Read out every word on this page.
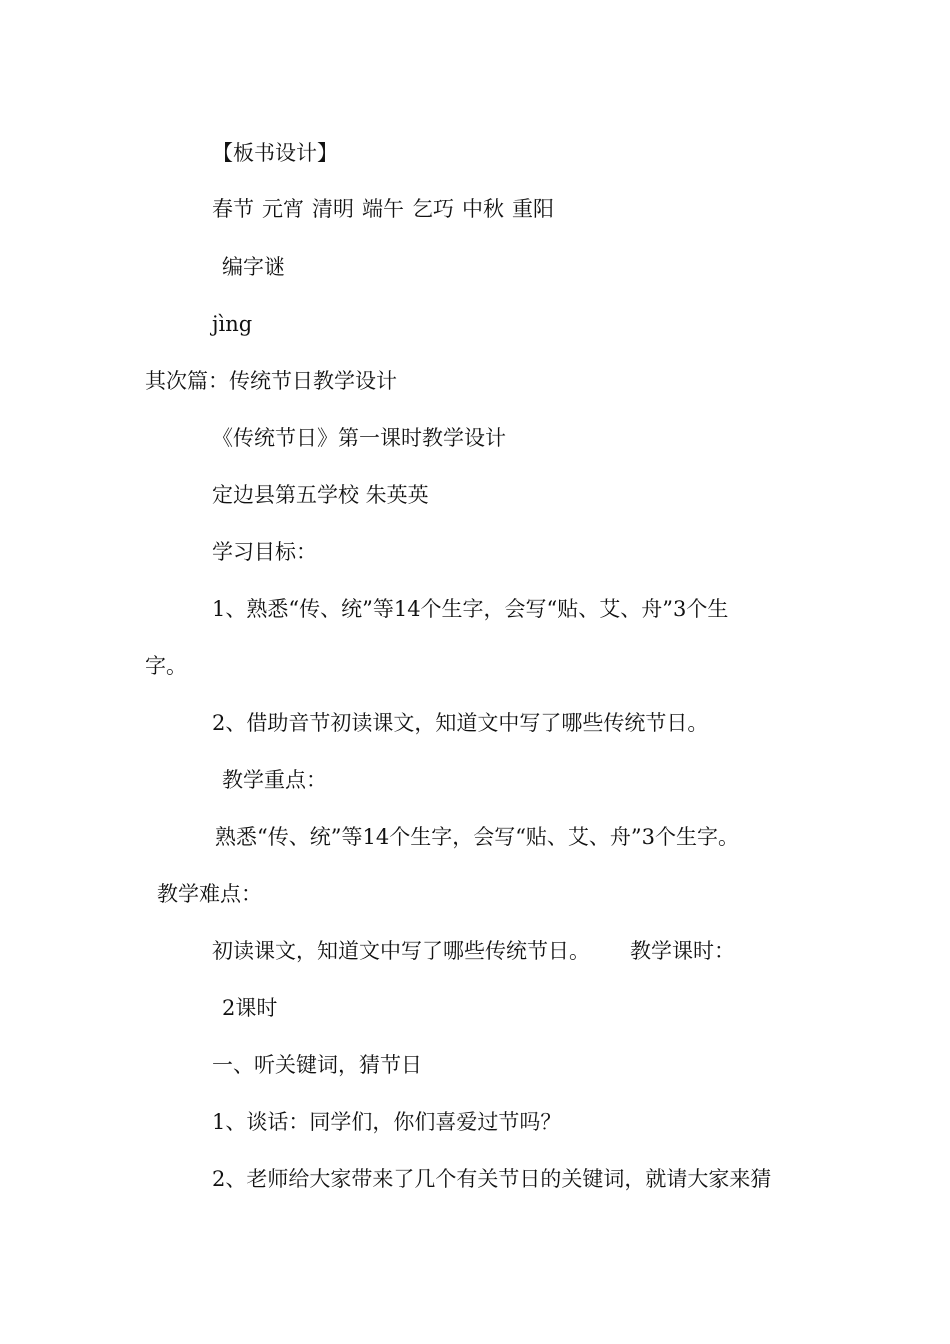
【板书设计】
春节 元宵 清明 端午 乞巧 中秋 重阳
编字谜
jìng
其次篇：传统节日教学设计
《传统节日》第一课时教学设计
定边县第五学校 朱英英
学习目标：
1、熟悉“传、统”等14个生字，会写“贴、艾、舟”3个生
字。
2、借助音节初读课文，知道文中写了哪些传统节日。
教学重点：
熟悉“传、统”等14个生字，会写“贴、艾、舟”3个生字。
教学难点：
初读课文，知道文中写了哪些传统节日。 教学课时：
2课时
一、听关键词，猜节日
1、谈话：同学们，你们喜爱过节吗？
2、老师给大家带来了几个有关节日的关键词，就请大家来猜
